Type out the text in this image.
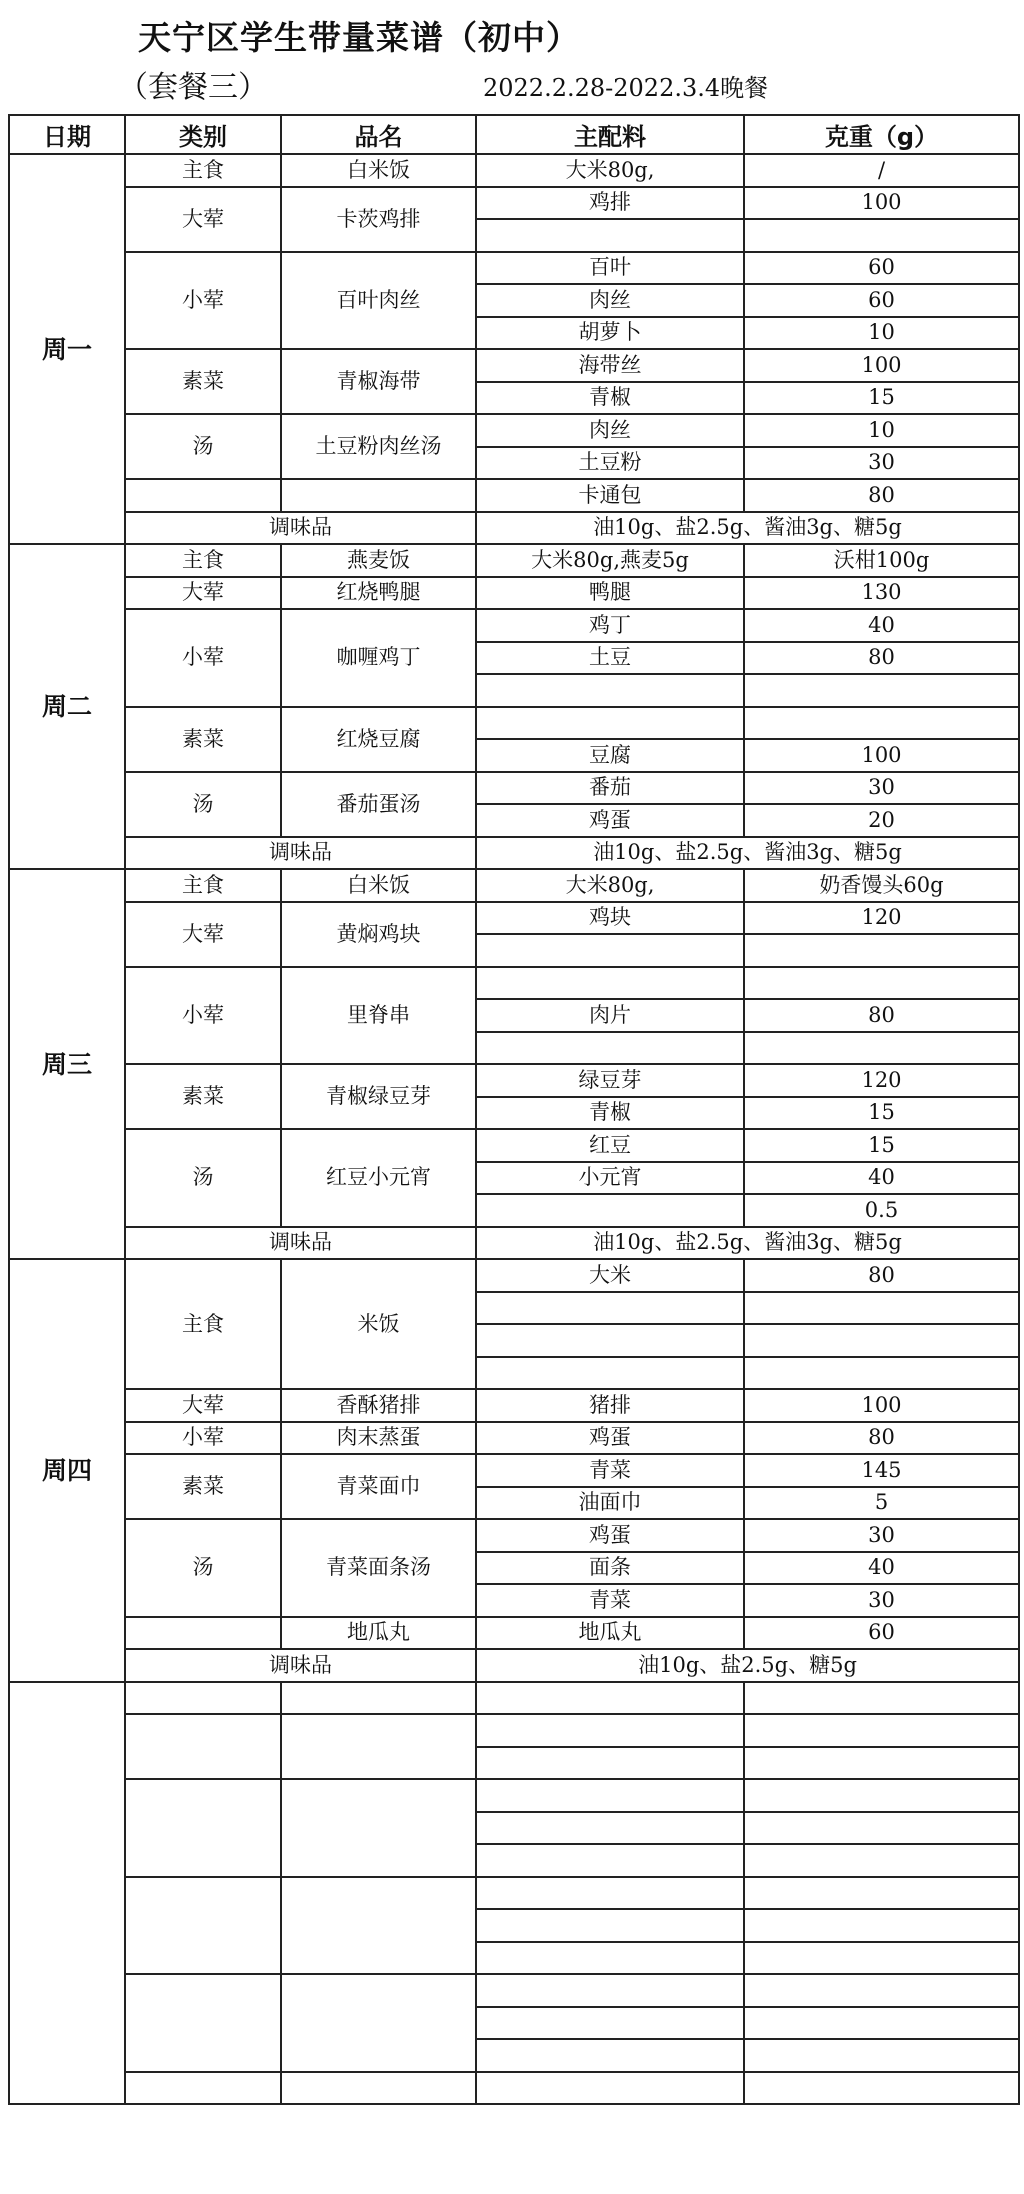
天宁区学生带量菜谱（初中）
（套餐三）	2022.2.28-2022.3.4晚餐
日期	类别	品名	主配料	克重（g）
周一	主食	白米饭	大米80g,	/
	大荤	卡茨鸡排	鸡排	100

	小荤	百叶肉丝	百叶	60
			肉丝	60
			胡萝卜	10
	素菜	青椒海带	海带丝	100
			青椒	15
	汤	土豆粉肉丝汤	肉丝	10
			土豆粉	30
			卡通包	80
	调味品		油10g、盐2.5g、酱油3g、糖5g	
周二	主食	燕麦饭	大米80g,燕麦5g	沃柑100g
	大荤	红烧鸭腿	鸭腿	130
	小荤	咖喱鸡丁	鸡丁	40
			土豆	80

	素菜	红烧豆腐		
			豆腐	100
	汤	番茄蛋汤	番茄	30
			鸡蛋	20
	调味品		油10g、盐2.5g、酱油3g、糖5g	
周三	主食	白米饭	大米80g,	奶香馒头60g
	大荤	黄焖鸡块	鸡块	120

	小荤	里脊串		
			肉片	80

	素菜	青椒绿豆芽	绿豆芽	120
			青椒	15
	汤	红豆小元宵	红豆	15
			小元宵	40
				0.5
	调味品		油10g、盐2.5g、酱油3g、糖5g	
周四	主食	米饭	大米	80

	大荤	香酥猪排	猪排	100
	小荤	肉末蒸蛋	鸡蛋	80
	素菜	青菜面巾	青菜	145
			油面巾	5
	汤	青菜面条汤	鸡蛋	30
			面条	40
			青菜	30
		地瓜丸	地瓜丸	60
	调味品		油10g、盐2.5g、糖5g	
